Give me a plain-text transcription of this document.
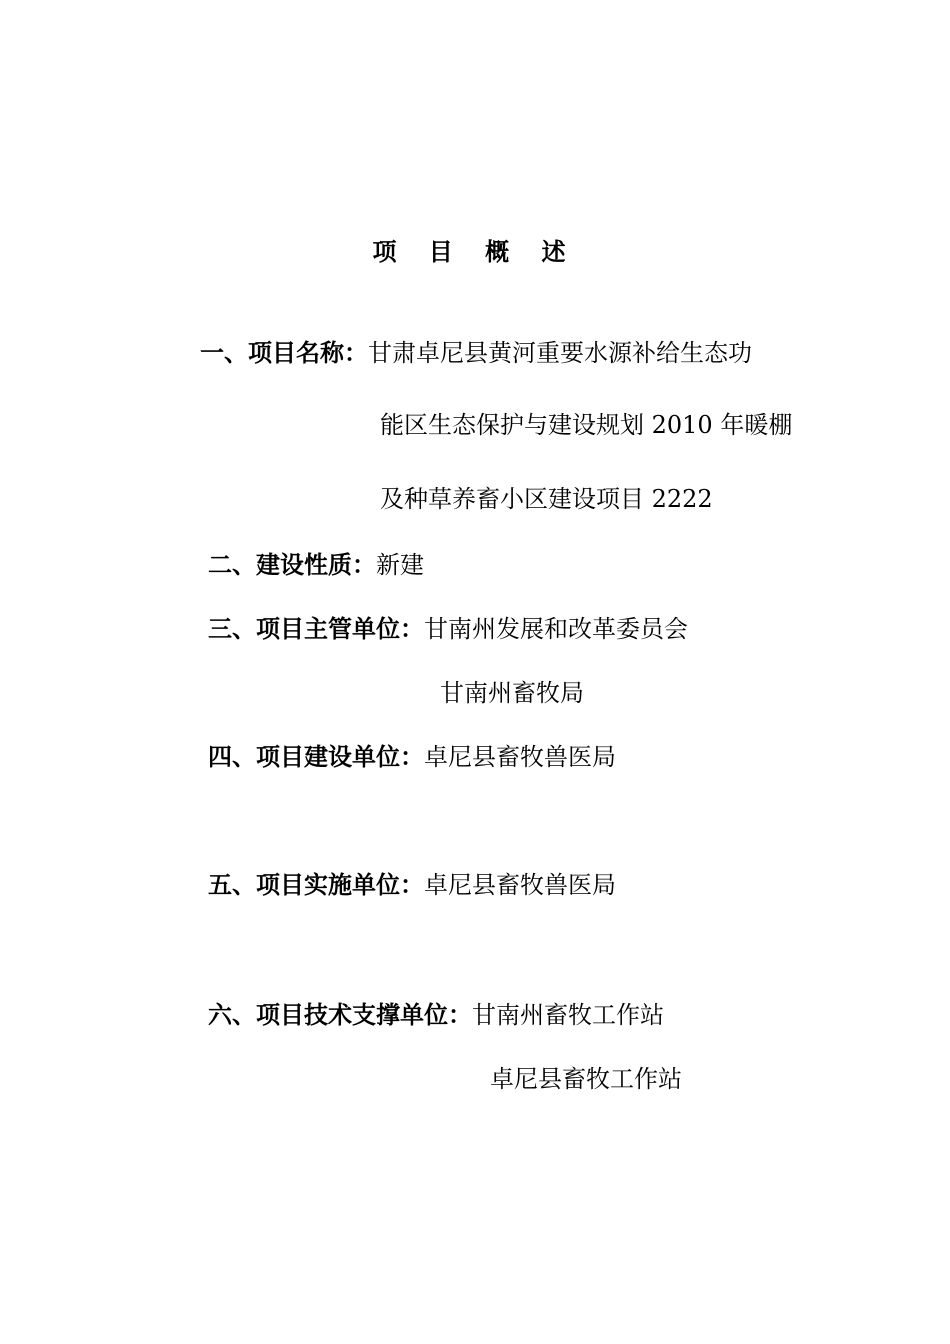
项 目 概 述
一、项目名称：甘肃卓尼县黄河重要水源补给生态功
能区生态保护与建设规划 2010 年暖棚
及种草养畜小区建设项目 2222
二、建设性质：新建
三、项目主管单位：甘南州发展和改革委员会
甘南州畜牧局
四、项目建设单位：卓尼县畜牧兽医局
五、项目实施单位：卓尼县畜牧兽医局
六、项目技术支撑单位：甘南州畜牧工作站
卓尼县畜牧工作站
